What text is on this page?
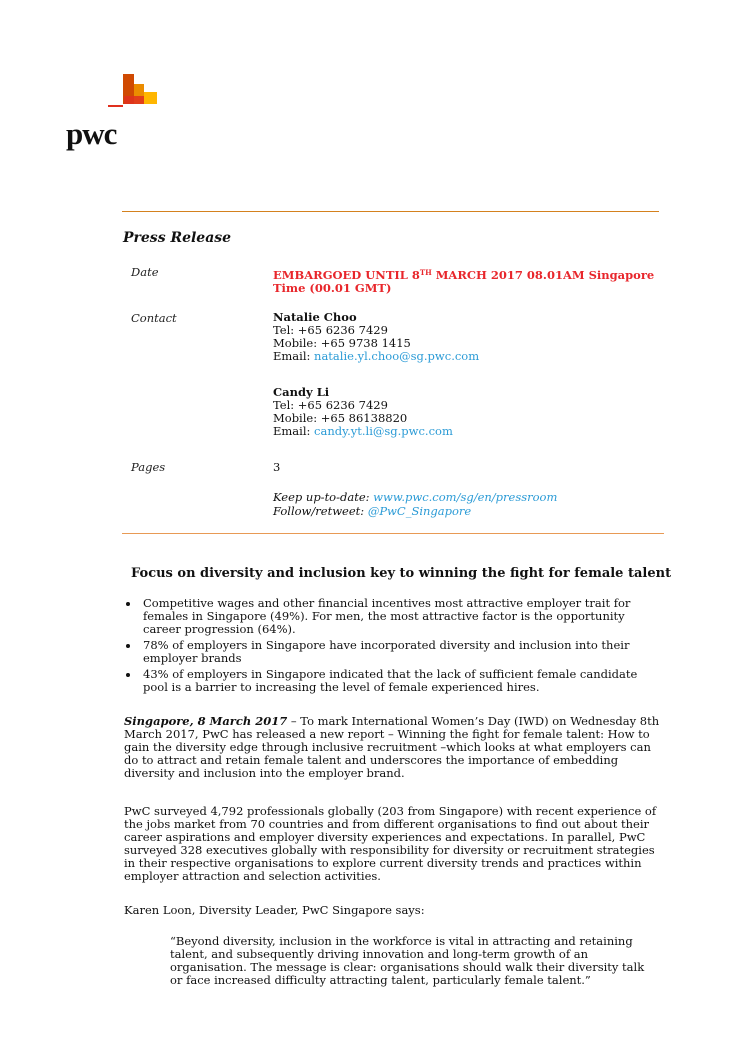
pwc
Press Release
Date	EMBARGOED UNTIL 8TH MARCH 2017 08.01AM Singapore Time (00.01 GMT)
Contact	Natalie Choo
Tel: +65 6236 7429
Mobile: +65 9738 1415
Email: natalie.yl.choo@sg.pwc.com
Candy Li
Tel: +65 6236 7429
Mobile: +65 86138820
Email: candy.yt.li@sg.pwc.com
Pages	3
Keep up-to-date: www.pwc.com/sg/en/pressroom
Follow/retweet: @PwC_Singapore
Focus on diversity and inclusion key to winning the fight for female talent
Competitive wages and other financial incentives most attractive employer trait for females in Singapore (49%). For men, the most attractive factor is the opportunity career progression (64%).
78% of employers in Singapore have incorporated diversity and inclusion into their employer brands
43% of employers in Singapore indicated that the lack of sufficient female candidate pool is a barrier to increasing the level of female experienced hires.

Singapore, 8 March 2017 – To mark International Women’s Day (IWD) on Wednesday 8th March 2017, PwC has released a new report – Winning the fight for female talent: How to gain the diversity edge through inclusive recruitment –which looks at what employers can do to attract and retain female talent and underscores the importance of embedding diversity and inclusion into the employer brand.

PwC surveyed 4,792 professionals globally (203 from Singapore) with recent experience of the jobs market from 70 countries and from different organisations to find out about their career aspirations and employer diversity experiences and expectations. In parallel, PwC surveyed 328 executives globally with responsibility for diversity or recruitment strategies in their respective organisations to explore current diversity trends and practices within employer attraction and selection activities.

Karen Loon, Diversity Leader, PwC Singapore says:

“Beyond diversity, inclusion in the workforce is vital in attracting and retaining talent, and subsequently driving innovation and long-term growth of an organisation. The message is clear: organisations should walk their diversity talk or face increased difficulty attracting talent, particularly female talent.”
